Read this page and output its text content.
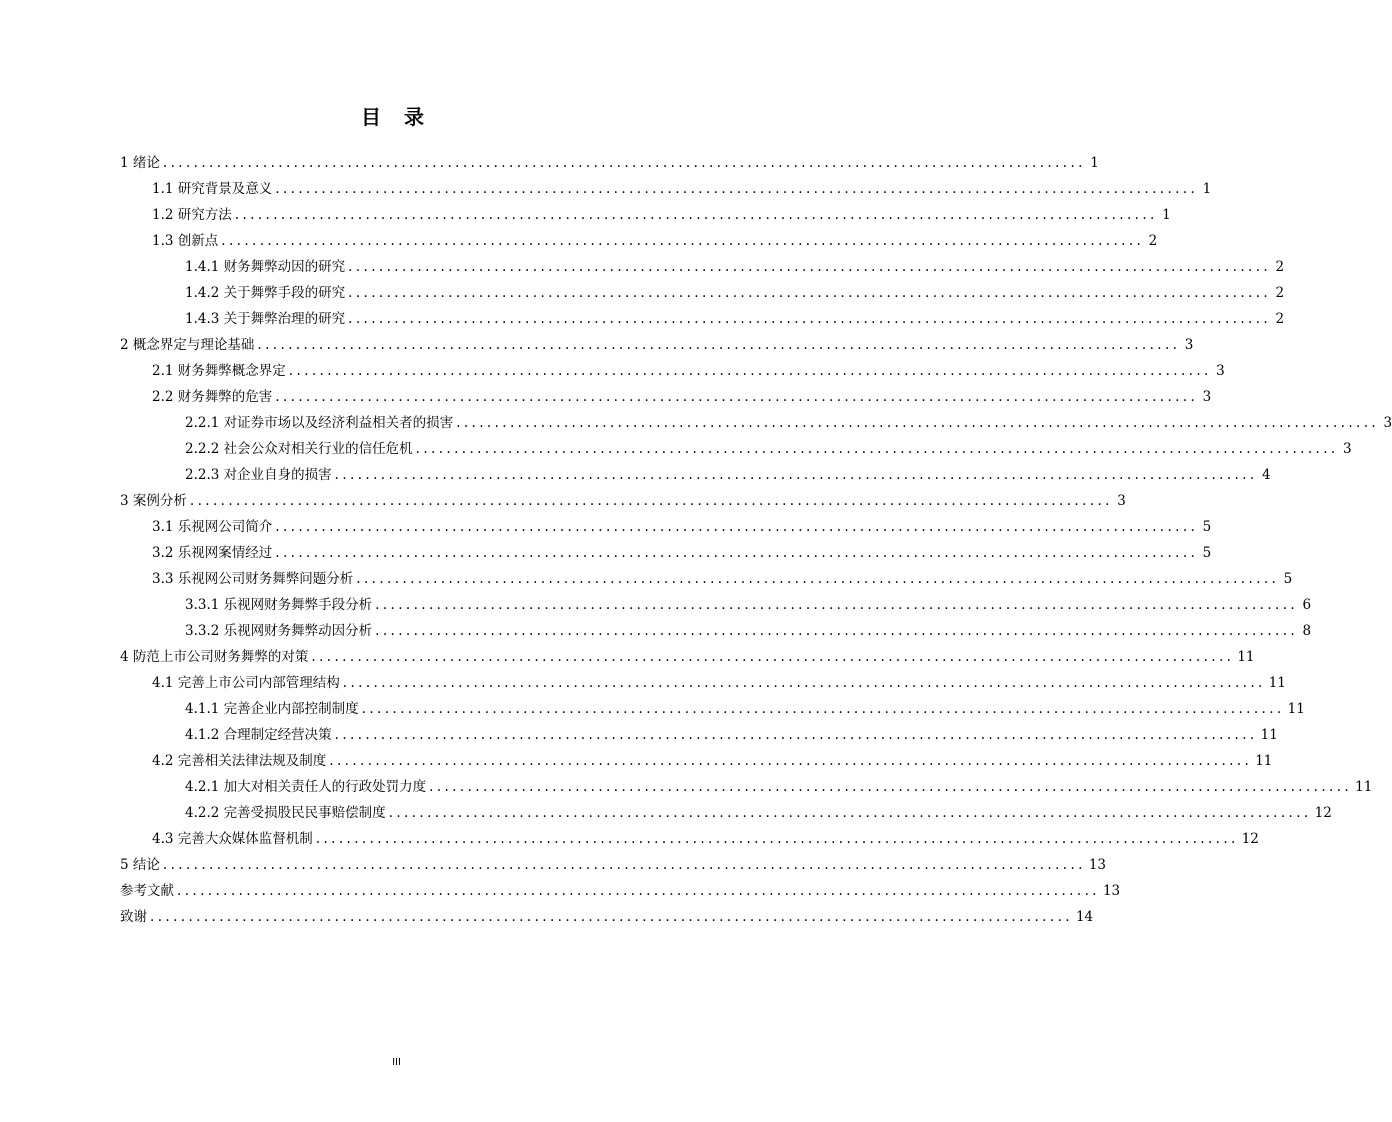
目 录
1 绪论 ........................................................................................................................ 1
1.1 研究背景及意义 ........................................................................................................................ 1
1.2 研究方法 ........................................................................................................................ 1
1.3 创新点 ........................................................................................................................ 2
1.4.1 财务舞弊动因的研究 ........................................................................................................................ 2
1.4.2 关于舞弊手段的研究 ........................................................................................................................ 2
1.4.3 关于舞弊治理的研究 ........................................................................................................................ 2
2 概念界定与理论基础 ........................................................................................................................ 3
2.1 财务舞弊概念界定 ........................................................................................................................ 3
2.2 财务舞弊的危害 ........................................................................................................................ 3
2.2.1 对证券市场以及经济利益相关者的损害 ........................................................................................................................ 3
2.2.2 社会公众对相关行业的信任危机 ........................................................................................................................ 3
2.2.3 对企业自身的损害 ........................................................................................................................ 4
3 案例分析 ........................................................................................................................ 3
3.1 乐视网公司简介 ........................................................................................................................ 5
3.2 乐视网案情经过 ........................................................................................................................ 5
3.3 乐视网公司财务舞弊问题分析 ........................................................................................................................ 5
3.3.1 乐视网财务舞弊手段分析 ........................................................................................................................ 6
3.3.2 乐视网财务舞弊动因分析 ........................................................................................................................ 8
4 防范上市公司财务舞弊的对策 ........................................................................................................................ 11
4.1 完善上市公司内部管理结构 ........................................................................................................................ 11
4.1.1 完善企业内部控制制度 ........................................................................................................................ 11
4.1.2 合理制定经营决策 ........................................................................................................................ 11
4.2 完善相关法律法规及制度 ........................................................................................................................ 11
4.2.1 加大对相关责任人的行政处罚力度 ........................................................................................................................ 11
4.2.2 完善受损股民民事赔偿制度 ........................................................................................................................ 12
4.3 完善大众媒体监督机制 ........................................................................................................................ 12
5 结论 ........................................................................................................................ 13
参考文献 ........................................................................................................................ 13
致谢 ........................................................................................................................ 14
III
